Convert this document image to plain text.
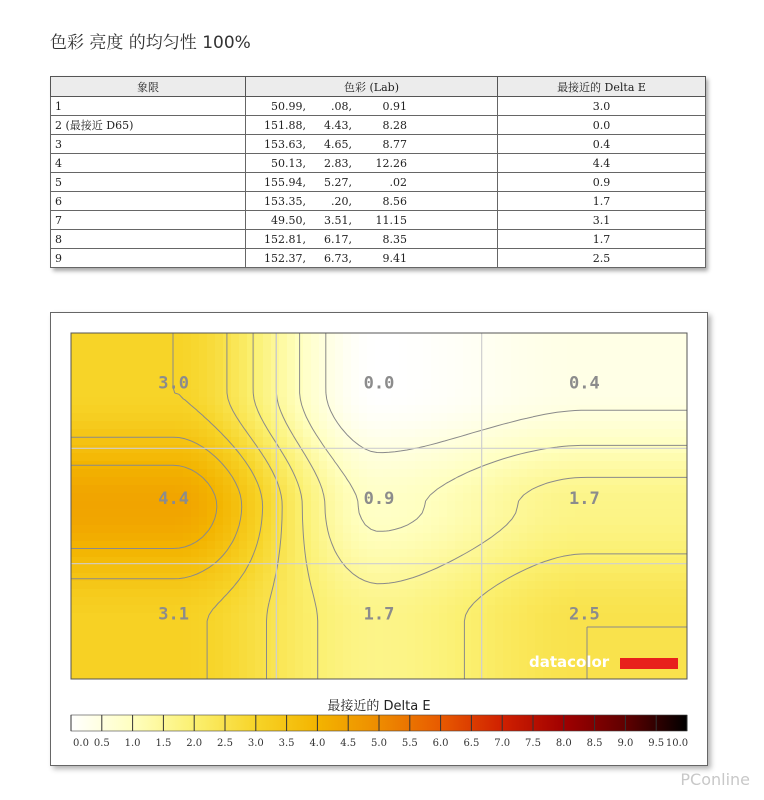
色彩 亮度 的均匀性 100%
象限	色彩 (Lab)	最接近的 Delta E
1	50.99, .08, 0.91	3.0
2 (最接近 D65)	151.88, 4.43, 8.28	0.0
3	153.63, 4.65, 8.77	0.4
4	50.13, 2.83, 12.26	4.4
5	155.94, 5.27, .02	0.9
6	153.35, .20, 8.56	1.7
7	49.50, 3.51, 11.15	3.1
8	152.81, 6.17, 8.35	1.7
9	152.37, 6.73, 9.41	2.5
3.0	0.0	0.4
4.4	0.9	1.7
3.1	1.7	2.5
datacolor
最接近的 Delta E
0.0 0.5 1.0 1.5 2.0 2.5 3.0 3.5 4.0 4.5 5.0 5.5 6.0 6.5 7.0 7.5 8.0 8.5 9.0 9.5 10.0
PConline
